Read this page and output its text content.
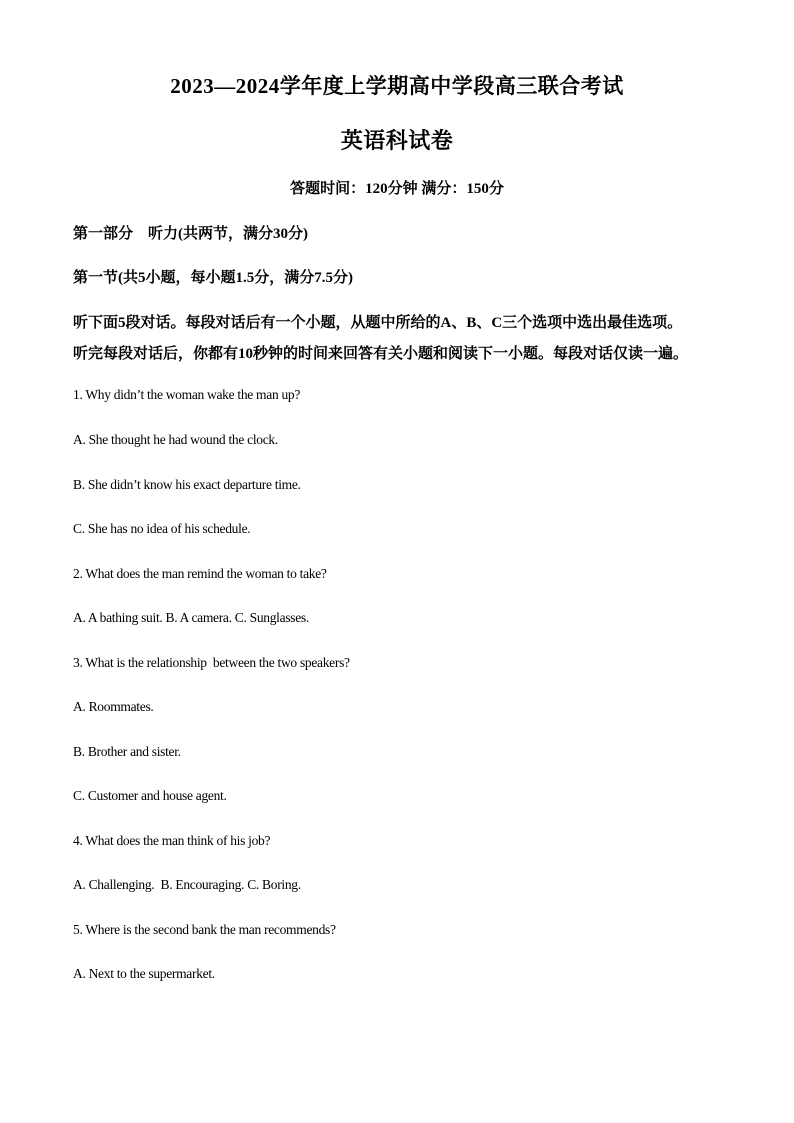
2023—2024学年度上学期高中学段高三联合考试
英语科试卷
答题时间：120分钟 满分：150分
第一部分　听力(共两节，满分30分)
第一节(共5小题，每小题1.5分，满分7.5分)
听下面5段对话。每段对话后有一个小题，从题中所给的A、B、C三个选项中选出最佳选项。
听完每段对话后，你都有10秒钟的时间来回答有关小题和阅读下一小题。每段对话仅读一遍。
1. Why didn’t the woman wake the man up?
A. She thought he had wound the clock.
B. She didn’t know his exact departure time.
C. She has no idea of his schedule.
2. What does the man remind the woman to take?
A. A bathing suit. B. A camera. C. Sunglasses.
3. What is the relationship  between the two speakers?
A. Roommates.
B. Brother and sister.
C. Customer and house agent.
4. What does the man think of his job?
A. Challenging.  B. Encouraging. C. Boring.
5. Where is the second bank the man recommends?
A. Next to the supermarket.
